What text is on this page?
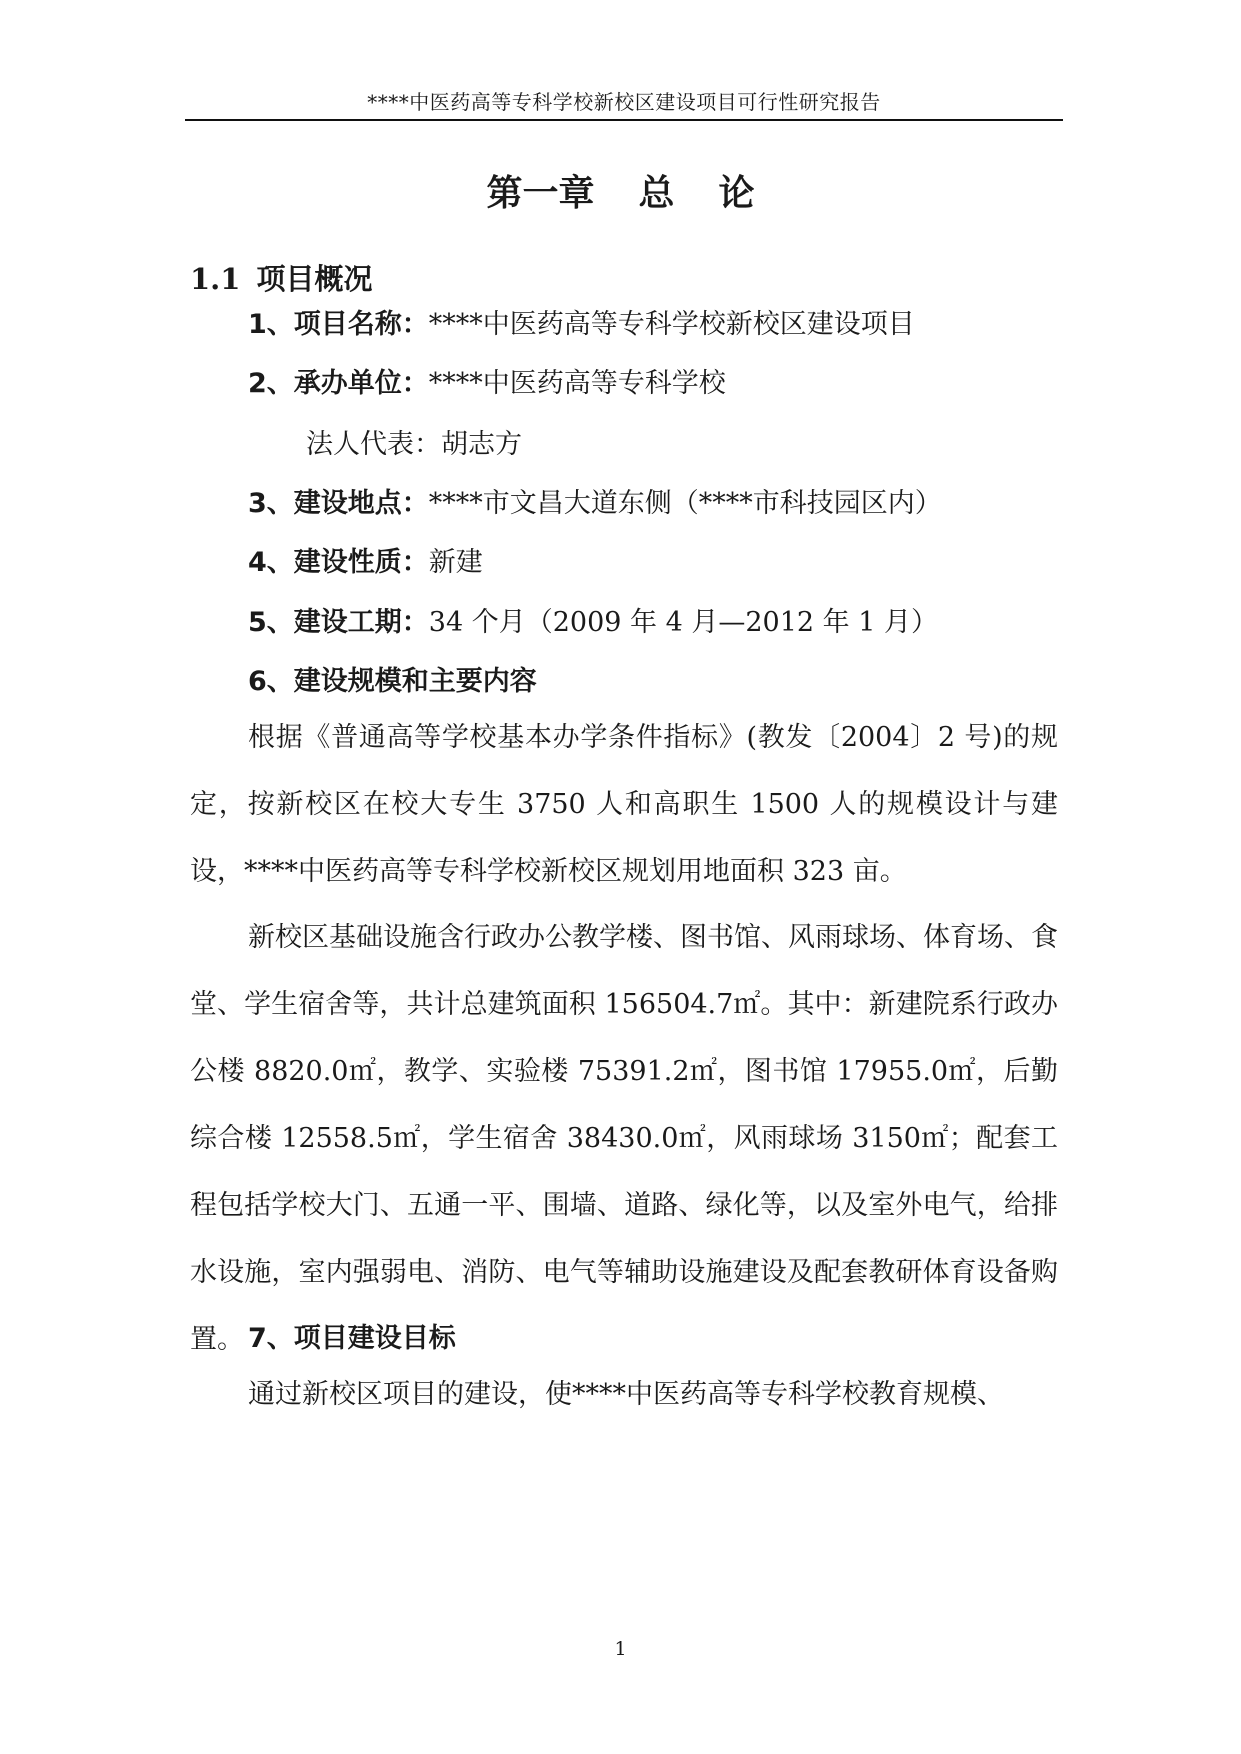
****中医药高等专科学校新校区建设项目可行性研究报告
第一章 总 论
1.1 项目概况
1、项目名称：****中医药高等专科学校新校区建设项目
2、承办单位：****中医药高等专科学校
法人代表：胡志方
3、建设地点：****市文昌大道东侧（****市科技园区内）
4、建设性质：新建
5、建设工期：34 个月（2009 年 4 月—2012 年 1 月）
6、建设规模和主要内容

根据《普通高等学校基本办学条件指标》(教发〔2004〕2 号)的规定，按新校区在校大专生 3750 人和高职生 1500 人的规模设计与建设，****中医药高等专科学校新校区规划用地面积 323 亩。

新校区基础设施含行政办公教学楼、图书馆、风雨球场、体育场、食堂、学生宿舍等，共计总建筑面积 156504.7㎡。其中：新建院系行政办公楼 8820.0㎡，教学、实验楼 75391.2㎡，图书馆 17955.0㎡，后勤综合楼 12558.5㎡，学生宿舍 38430.0㎡，风雨球场 3150㎡；配套工程包括学校大门、五通一平、围墙、道路、绿化等，以及室外电气，给排水设施，室内强弱电、消防、电气等辅助设施建设及配套教研体育设备购置。 7、项目建设目标

通过新校区项目的建设，使****中医药高等专科学校教育规模、

1
